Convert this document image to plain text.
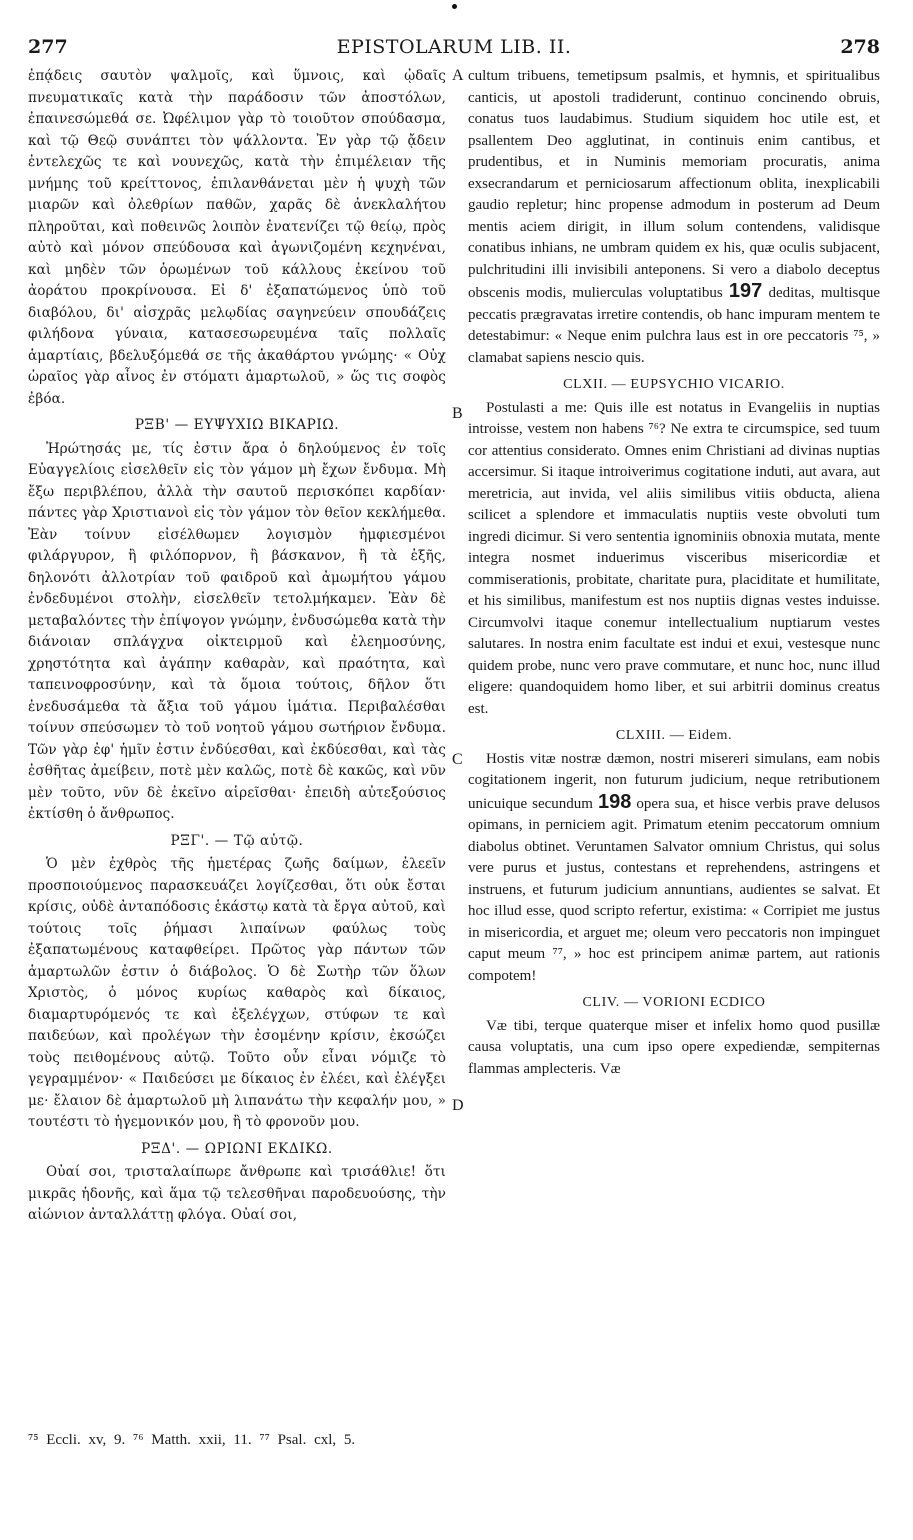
277	EPISTOLARUM LIB. II.	278
A
B
C
D

ἐπᾴδεις σαυτὸν ψαλμοῖς, καὶ ὕμνοις, καὶ ᾠδαῖς πνευματικαῖς κατὰ τὴν παράδοσιν τῶν ἀποστόλων, ἐπαινεσώμεθά σε. Ὠφέλιμον γὰρ τὸ τοιοῦτον σπούδασμα, καὶ τῷ Θεῷ συνάπτει τὸν ψάλλοντα. Ἐν γὰρ τῷ ᾄδειν ἐντελεχῶς τε καὶ νουνεχῶς, κατὰ τὴν ἐπιμέλειαν τῆς μνήμης τοῦ κρείττονος, ἐπιλανθάνεται μὲν ἡ ψυχὴ τῶν μιαρῶν καὶ ὀλεθρίων παθῶν, χαρᾶς δὲ ἀνεκλαλήτου πληροῦται, καὶ ποθεινῶς λοιπὸν ἐνατενίζει τῷ θείῳ, πρὸς αὐτὸ καὶ μόνον σπεύδουσα καὶ ἀγωνιζομένη κεχηνέναι, καὶ μηδὲν τῶν ὁρωμένων τοῦ κάλλους ἐκείνου τοῦ ἀοράτου προκρίνουσα. Εἰ δ' ἐξαπατώμενος ὑπὸ τοῦ διαβόλου, δι' αἰσχρᾶς μελῳδίας σαγηνεύειν σπουδάζεις φιλήδονα γύναια, κατασεσωρευμένα ταῖς πολλαῖς ἁμαρτίαις, βδελυξόμεθά σε τῆς ἀκαθάρτου γνώμης· « Οὐχ ὡραῖος γὰρ αἶνος ἐν στόματι ἁμαρτωλοῦ, » ὥς τις σοφὸς ἐβόα.

ΡΞΒ' — ΕΥΨΥΧΙΩ ΒΙΚΑΡΙΩ.

Ἠρώτησάς με, τίς ἐστιν ἄρα ὁ δηλούμενος ἐν τοῖς Εὐαγγελίοις εἰσελθεῖν εἰς τὸν γάμον μὴ ἔχων ἔνδυμα. Μὴ ἔξω περιβλέπου, ἀλλὰ τὴν σαυτοῦ περισκόπει καρδίαν· πάντες γὰρ Χριστιανοὶ εἰς τὸν γάμον τὸν θεῖον κεκλήμεθα. Ἐὰν τοίνυν εἰσέλθωμεν λογισμὸν ἠμφιεσμένοι φιλάργυρον, ἢ φιλόπορνον, ἢ βάσκανον, ἢ τὰ ἑξῆς, δηλονότι ἀλλοτρίαν τοῦ φαιδροῦ καὶ ἀμωμήτου γάμου ἐνδεδυμένοι στολὴν, εἰσελθεῖν τετολμήκαμεν. Ἐὰν δὲ μεταβαλόντες τὴν ἐπίψογον γνώμην, ἐνδυσώμεθα κατὰ τὴν διάνοιαν σπλάγχνα οἰκτειρμοῦ καὶ ἐλεημοσύνης, χρηστότητα καὶ ἀγάπην καθαρὰν, καὶ πραότητα, καὶ ταπεινοφροσύνην, καὶ τὰ ὅμοια τούτοις, δῆλον ὅτι ἐνεδυσάμεθα τὰ ἄξια τοῦ γάμου ἱμάτια. Περιβαλέσθαι τοίνυν σπεύσωμεν τὸ τοῦ νοητοῦ γάμου σωτήριον ἔνδυμα. Τῶν γὰρ ἐφ' ἡμῖν ἐστιν ἐνδύεσθαι, καὶ ἐκδύεσθαι, καὶ τὰς ἐσθῆτας ἀμείβειν, ποτὲ μὲν καλῶς, ποτὲ δὲ κακῶς, καὶ νῦν μὲν τοῦτο, νῦν δὲ ἐκεῖνο αἱρεῖσθαι· ἐπειδὴ αὐτεξούσιος ἐκτίσθη ὁ ἄνθρωπος.

ΡΞΓ'. — Τῷ αὐτῷ.

Ὁ μὲν ἐχθρὸς τῆς ἡμετέρας ζωῆς δαίμων, ἐλεεῖν προσποιούμενος παρασκευάζει λογίζεσθαι, ὅτι οὐκ ἔσται κρίσις, οὐδὲ ἀνταπόδοσις ἑκάστῳ κατὰ τὰ ἔργα αὐτοῦ, καὶ τούτοις τοῖς ῥήμασι λιπαίνων φαύλως τοὺς ἐξαπατωμένους καταφθείρει. Πρῶτος γὰρ πάντων τῶν ἁμαρτωλῶν ἐστιν ὁ διάβολος. Ὁ δὲ Σωτὴρ τῶν ὅλων Χριστὸς, ὁ μόνος κυρίως καθαρὸς καὶ δίκαιος, διαμαρτυρόμενός τε καὶ ἐξελέγχων, στύφων τε καὶ παιδεύων, καὶ προλέγων τὴν ἐσομένην κρίσιν, ἐκσώζει τοὺς πειθομένους αὐτῷ. Τοῦτο οὖν εἶναι νόμιζε τὸ γεγραμμένον· « Παιδεύσει με δίκαιος ἐν ἐλέει, καὶ ἐλέγξει με· ἔλαιον δὲ ἁμαρτωλοῦ μὴ λιπανάτω τὴν κεφαλήν μου, » τουτέστι τὸ ἡγεμονικόν μου, ἢ τὸ φρονοῦν μου.

ΡΞΔ'. — ΩΡΙΩΝΙ ΕΚΔΙΚΩ.

Οὐαί σοι, τρισταλαίπωρε ἄνθρωπε καὶ τρισάθλιε! ὅτι μικρᾶς ἡδονῆς, καὶ ἅμα τῷ τελεσθῆναι παροδευούσης, τὴν αἰώνιον ἀνταλλάττῃ φλόγα. Οὐαί σοι,

cultum tribuens, temetipsum psalmis, et hymnis, et spiritualibus canticis, ut apostoli tradiderunt, continuo concinendo obruis, conatus tuos laudabimus. Studium siquidem hoc utile est, et psallentem Deo agglutinat, in continuis enim cantibus, et prudentibus, et in Numinis memoriam procuratis, anima exsecrandarum et perniciosarum affectionum oblita, inexplicabili gaudio repletur; hinc propense admodum in posterum ad Deum mentis aciem dirigit, in illum solum contendens, validisque conatibus inhians, ne umbram quidem ex his, quæ oculis subjacent, pulchritudini illi invisibili anteponens. Si vero a diabolo deceptus obscenis modis, mulierculas voluptatibus 197 deditas, multisque peccatis prægravatas irretire contendis, ob hanc impuram mentem te detestabimur: « Neque enim pulchra laus est in ore peccatoris ⁷⁵, » clamabat sapiens nescio quis.

CLXII. — EUPSYCHIO VICARIO.

Postulasti a me: Quis ille est notatus in Evangeliis in nuptias introisse, vestem non habens ⁷⁶? Ne extra te circumspice, sed tuum cor attentius considerato. Omnes enim Christiani ad divinas nuptias accersimur. Si itaque introiverimus cogitatione induti, aut avara, aut meretricia, aut invida, vel aliis similibus vitiis obducta, aliena scilicet a splendore et immaculatis nuptiis veste obvoluti tum ingredi dicimur. Si vero sententia ignominiis obnoxia mutata, mente integra nosmet induerimus visceribus misericordiæ et commiserationis, probitate, charitate pura, placiditate et humilitate, et his similibus, manifestum est nos nuptiis dignas vestes induisse. Circumvolvi itaque conemur intellectualium nuptiarum vestes salutares. In nostra enim facultate est indui et exui, vestesque nunc quidem probe, nunc vero prave commutare, et nunc hoc, nunc illud eligere: quandoquidem homo liber, et sui arbitrii dominus creatus est.

CLXIII. — Eidem.

Hostis vitæ nostræ dæmon, nostri misereri simulans, eam nobis cogitationem ingerit, non futurum judicium, neque retributionem unicuique secundum 198 opera sua, et hisce verbis prave delusos opimans, in perniciem agit. Primatum etenim peccatorum omnium diabolus obtinet. Veruntamen Salvator omnium Christus, qui solus vere purus et justus, contestans et reprehendens, astringens et instruens, et futurum judicium annuntians, audientes se salvat. Et hoc illud esse, quod scripto refertur, existima: « Corripiet me justus in misericordia, et arguet me; oleum vero peccatoris non impinguet caput meum ⁷⁷, » hoc est principem animæ partem, aut rationis compotem!

CLIV. — VORIONI ECDICO

Væ tibi, terque quaterque miser et infelix homo quod pusillæ causa voluptatis, una cum ipso opere expediendæ, sempiternas flammas amplecteris. Væ

⁷⁵ Eccli. xv, 9. ⁷⁶ Matth. xxii, 11. ⁷⁷ Psal. cxl, 5.
